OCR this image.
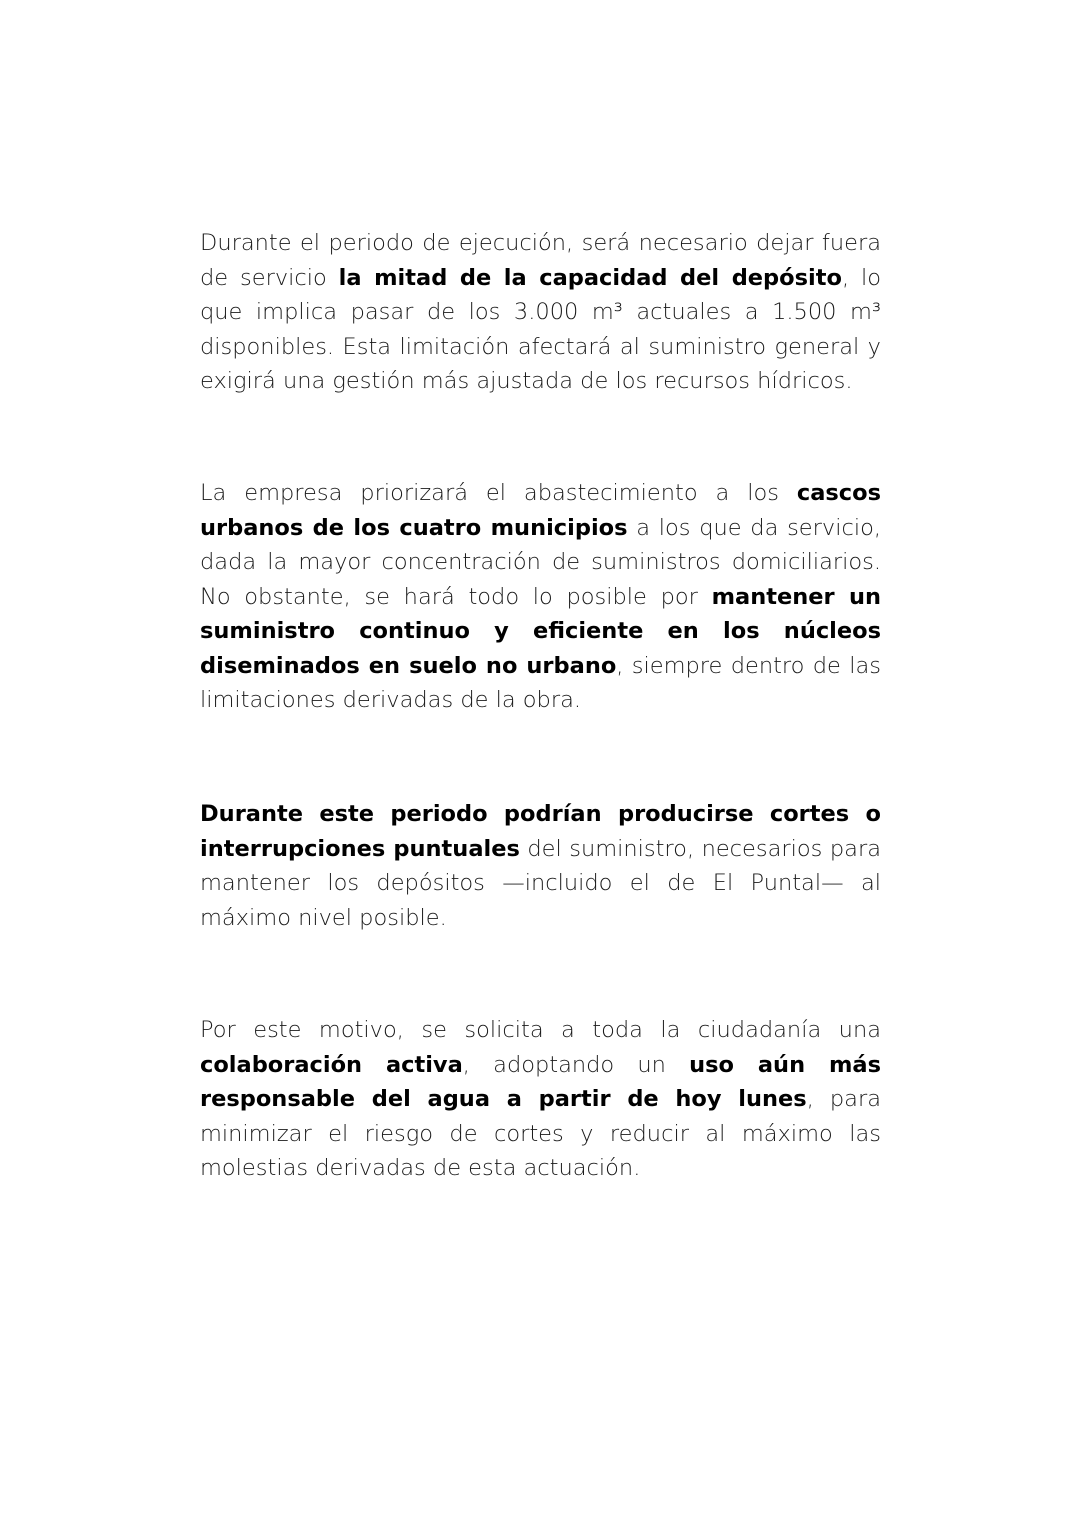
Durante el periodo de ejecución, será necesario dejar fuera de servicio la mitad de la capacidad del depósito, lo que implica pasar de los 3.000 m³ actuales a 1.500 m³ disponibles. Esta limitación afectará al suministro general y exigirá una gestión más ajustada de los recursos hídricos.

La empresa priorizará el abastecimiento a los cascos urbanos de los cuatro municipios a los que da servicio, dada la mayor concentración de suministros domiciliarios. No obstante, se hará todo lo posible por mantener un suministro continuo y eficiente en los núcleos diseminados en suelo no urbano, siempre dentro de las limitaciones derivadas de la obra.

Durante este periodo podrían producirse cortes o interrupciones puntuales del suministro, necesarios para mantener los depósitos —incluido el de El Puntal— al máximo nivel posible.

Por este motivo, se solicita a toda la ciudadanía una colaboración activa, adoptando un uso aún más responsable del agua a partir de hoy lunes, para minimizar el riesgo de cortes y reducir al máximo las molestias derivadas de esta actuación.
